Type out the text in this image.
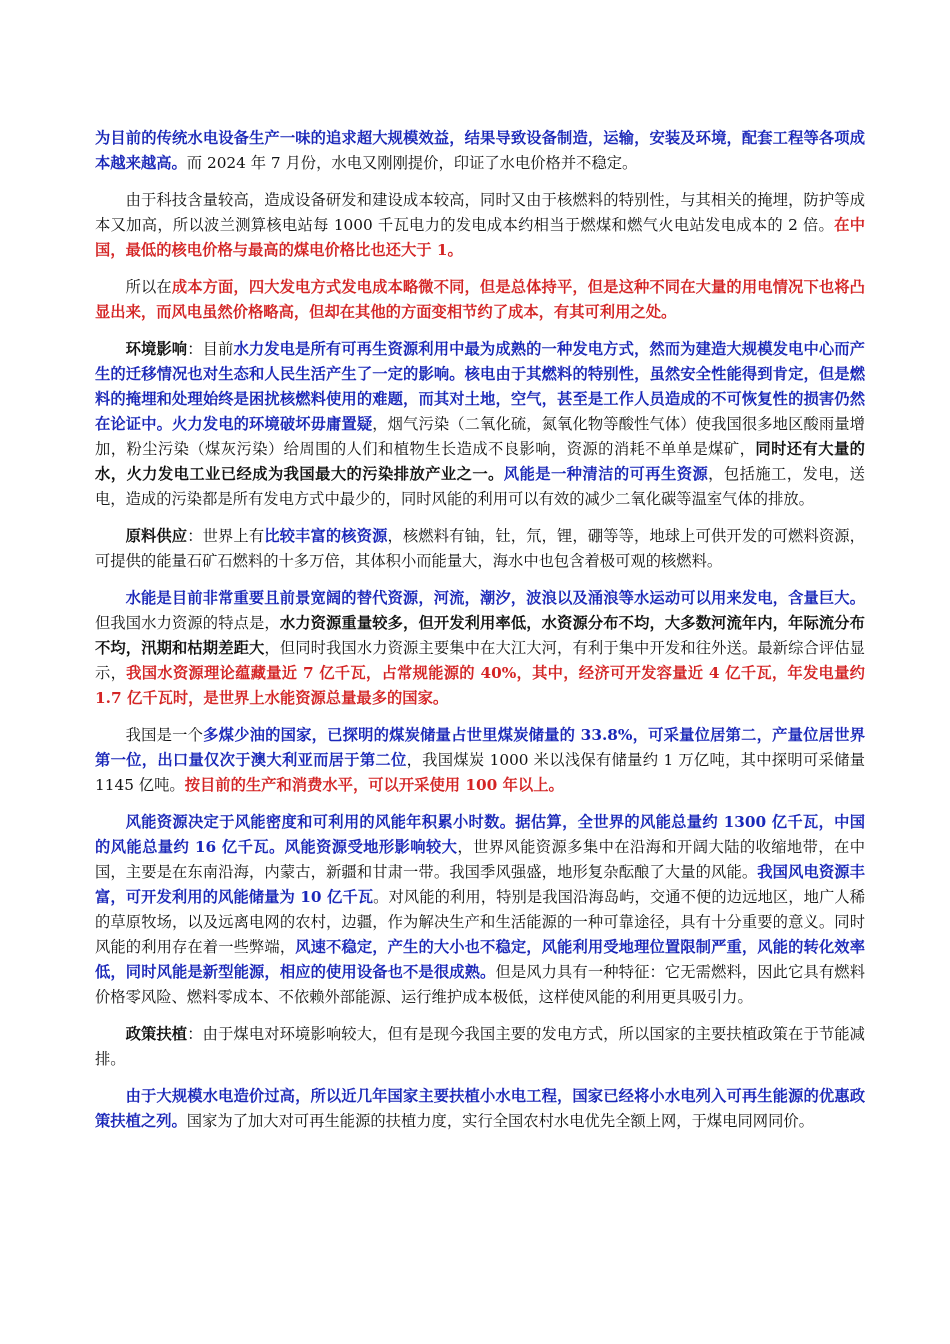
为目前的传统水电设备生产一味的追求超大规模效益，结果导致设备制造，运输，安装及环境，配套工程等各项成本越来越高。而 2024 年 7 月份，水电又刚刚提价，印证了水电价格并不稳定。

由于科技含量较高，造成设备研发和建设成本较高，同时又由于核燃料的特别性，与其相关的掩埋，防护等成本又加高，所以波兰测算核电站每 1000 千瓦电力的发电成本约相当于燃煤和燃气火电站发电成本的 2 倍。在中国，最低的核电价格与最高的煤电价格比也还大于 1。

所以在成本方面，四大发电方式发电成本略微不同，但是总体持平，但是这种不同在大量的用电情况下也将凸显出来，而风电虽然价格略高，但却在其他的方面变相节约了成本，有其可利用之处。

环境影响：目前水力发电是所有可再生资源利用中最为成熟的一种发电方式，然而为建造大规模发电中心而产生的迁移情况也对生态和人民生活产生了一定的影响。核电由于其燃料的特别性，虽然安全性能得到肯定，但是燃料的掩埋和处理始终是困扰核燃料使用的难题，而其对土地，空气，甚至是工作人员造成的不可恢复性的损害仍然在论证中。火力发电的环境破坏毋庸置疑，烟气污染（二氧化硫，氮氧化物等酸性气体）使我国很多地区酸雨量增加，粉尘污染（煤灰污染）给周围的人们和植物生长造成不良影响，资源的消耗不单单是煤矿，同时还有大量的水，火力发电工业已经成为我国最大的污染排放产业之一。风能是一种清洁的可再生资源，包括施工，发电，送电，造成的污染都是所有发电方式中最少的，同时风能的利用可以有效的减少二氧化碳等温室气体的排放。

原料供应：世界上有比较丰富的核资源，核燃料有铀，钍，氘，锂，硼等等，地球上可供开发的可燃料资源，可提供的能量石矿石燃料的十多万倍，其体积小而能量大，海水中也包含着极可观的核燃料。

水能是目前非常重要且前景宽阔的替代资源，河流，潮汐，波浪以及涌浪等水运动可以用来发电，含量巨大。但我国水力资源的特点是，水力资源重量较多，但开发利用率低，水资源分布不均，大多数河流年内，年际流分布不均，汛期和枯期差距大，但同时我国水力资源主要集中在大江大河，有利于集中开发和往外送。最新综合评估显示，我国水资源理论蕴藏量近 7 亿千瓦，占常规能源的 40%，其中，经济可开发容量近 4 亿千瓦，年发电量约 1.7 亿千瓦时，是世界上水能资源总量最多的国家。

我国是一个多煤少油的国家，已探明的煤炭储量占世里煤炭储量的 33.8%，可采量位居第二，产量位居世界第一位，出口量仅次于澳大利亚而居于第二位，我国煤炭 1000 米以浅保有储量约 1 万亿吨，其中探明可采储量 1145 亿吨。按目前的生产和消费水平，可以开采使用 100 年以上。

风能资源决定于风能密度和可利用的风能年积累小时数。据估算，全世界的风能总量约 1300 亿千瓦，中国的风能总量约 16 亿千瓦。风能资源受地形影响较大，世界风能资源多集中在沿海和开阔大陆的收缩地带，在中国，主要是在东南沿海，内蒙古，新疆和甘肃一带。我国季风强盛，地形复杂酝酿了大量的风能。我国风电资源丰富，可开发利用的风能储量为 10 亿千瓦。对风能的利用，特别是我国沿海岛屿，交通不便的边远地区，地广人稀的草原牧场，以及远离电网的农村，边疆，作为解决生产和生活能源的一种可靠途径，具有十分重要的意义。同时风能的利用存在着一些弊端，风速不稳定，产生的大小也不稳定，风能利用受地理位置限制严重，风能的转化效率低，同时风能是新型能源，相应的使用设备也不是很成熟。但是风力具有一种特征：它无需燃料，因此它具有燃料价格零风险、燃料零成本、不依赖外部能源、运行维护成本极低，这样使风能的利用更具吸引力。

政策扶植：由于煤电对环境影响较大，但有是现今我国主要的发电方式，所以国家的主要扶植政策在于节能减排。

由于大规模水电造价过高，所以近几年国家主要扶植小水电工程，国家已经将小水电列入可再生能源的优惠政策扶植之列。国家为了加大对可再生能源的扶植力度，实行全国农村水电优先全额上网，于煤电同网同价。
